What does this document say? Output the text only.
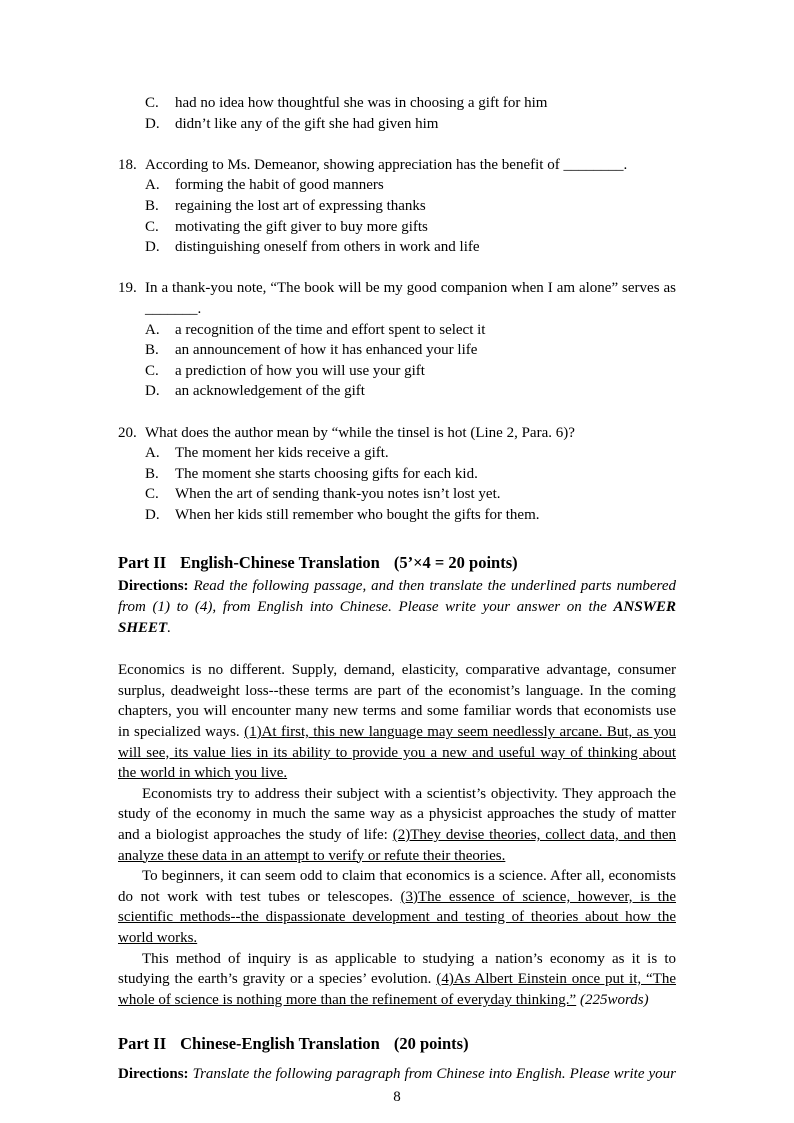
C.	had no idea how thoughtful she was in choosing a gift for him
D.	didn’t like any of the gift she had given him
18. According to Ms. Demeanor, showing appreciation has the benefit of ________.
A.	forming the habit of good manners
B.	regaining the lost art of expressing thanks
C.	motivating the gift giver to buy more gifts
D.	distinguishing oneself from others in work and life
19. In a thank-you note, “The book will be my good companion when I am alone” serves as
_______.
A.	a recognition of the time and effort spent to select it
B.	an announcement of how it has enhanced your life
C.	a prediction of how you will use your gift
D.	an acknowledgement of the gift
20. What does the author mean by “while the tinsel is hot (Line 2, Para. 6)?
A.	The moment her kids receive a gift.
B.	The moment she starts choosing gifts for each kid.
C.	When the art of sending thank-you notes isn’t lost yet.
D.	When her kids still remember who bought the gifts for them.
Part II English-Chinese Translation (5’×4 = 20 points)

Directions: Read the following passage, and then translate the underlined parts numbered from (1) to (4), from English into Chinese. Please write your answer on the ANSWER SHEET.

Economics is no different. Supply, demand, elasticity, comparative advantage, consumer surplus, deadweight loss--these terms are part of the economist’s language. In the coming chapters, you will encounter many new terms and some familiar words that economists use in specialized ways. (1)At first, this new language may seem needlessly arcane. But, as you will see, its value lies in its ability to provide you a new and useful way of thinking about the world in which you live.

Economists try to address their subject with a scientist’s objectivity. They approach the study of the economy in much the same way as a physicist approaches the study of matter and a biologist approaches the study of life: (2)They devise theories, collect data, and then analyze these data in an attempt to verify or refute their theories.

To beginners, it can seem odd to claim that economics is a science. After all, economists do not work with test tubes or telescopes. (3)The essence of science, however, is the scientific methods--the dispassionate development and testing of theories about how the world works.

This method of inquiry is as applicable to studying a nation’s economy as it is to studying the earth’s gravity or a species’ evolution. (4)As Albert Einstein once put it, “The whole of science is nothing more than the refinement of everyday thinking.” (225words)

Part II Chinese-English Translation (20 points)

Directions: Translate the following paragraph from Chinese into English. Please write your

8
